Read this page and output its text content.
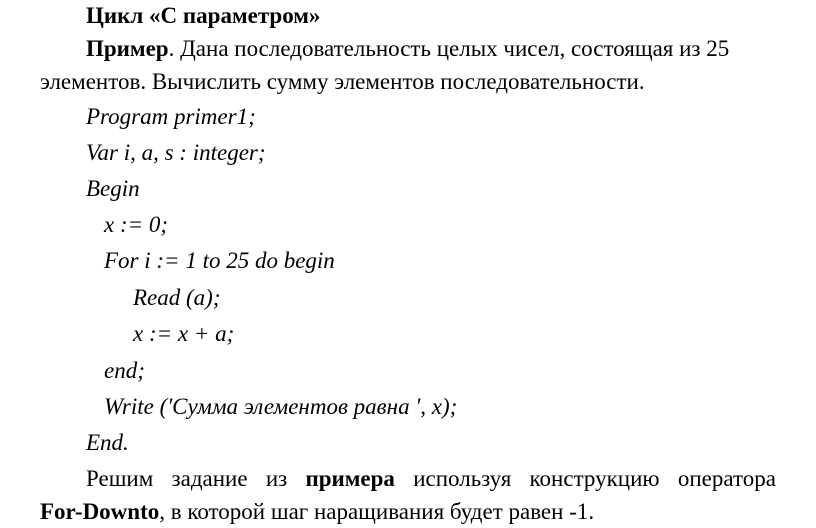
Цикл «С параметром»
Пример. Дана последовательность целых чисел, состоящая из 25
элементов. Вычислить сумму элементов последовательности.
Program primer1;
Var i, a, s : integer;
Begin
x := 0;
For i := 1 to 25 do begin
Read (a);
x := x + a;
end;
Write ('Сумма элементов равна ', x);
End.
Решим задание из примера используя конструкцию оператора
For-Downto, в которой шаг наращивания будет равен -1.
